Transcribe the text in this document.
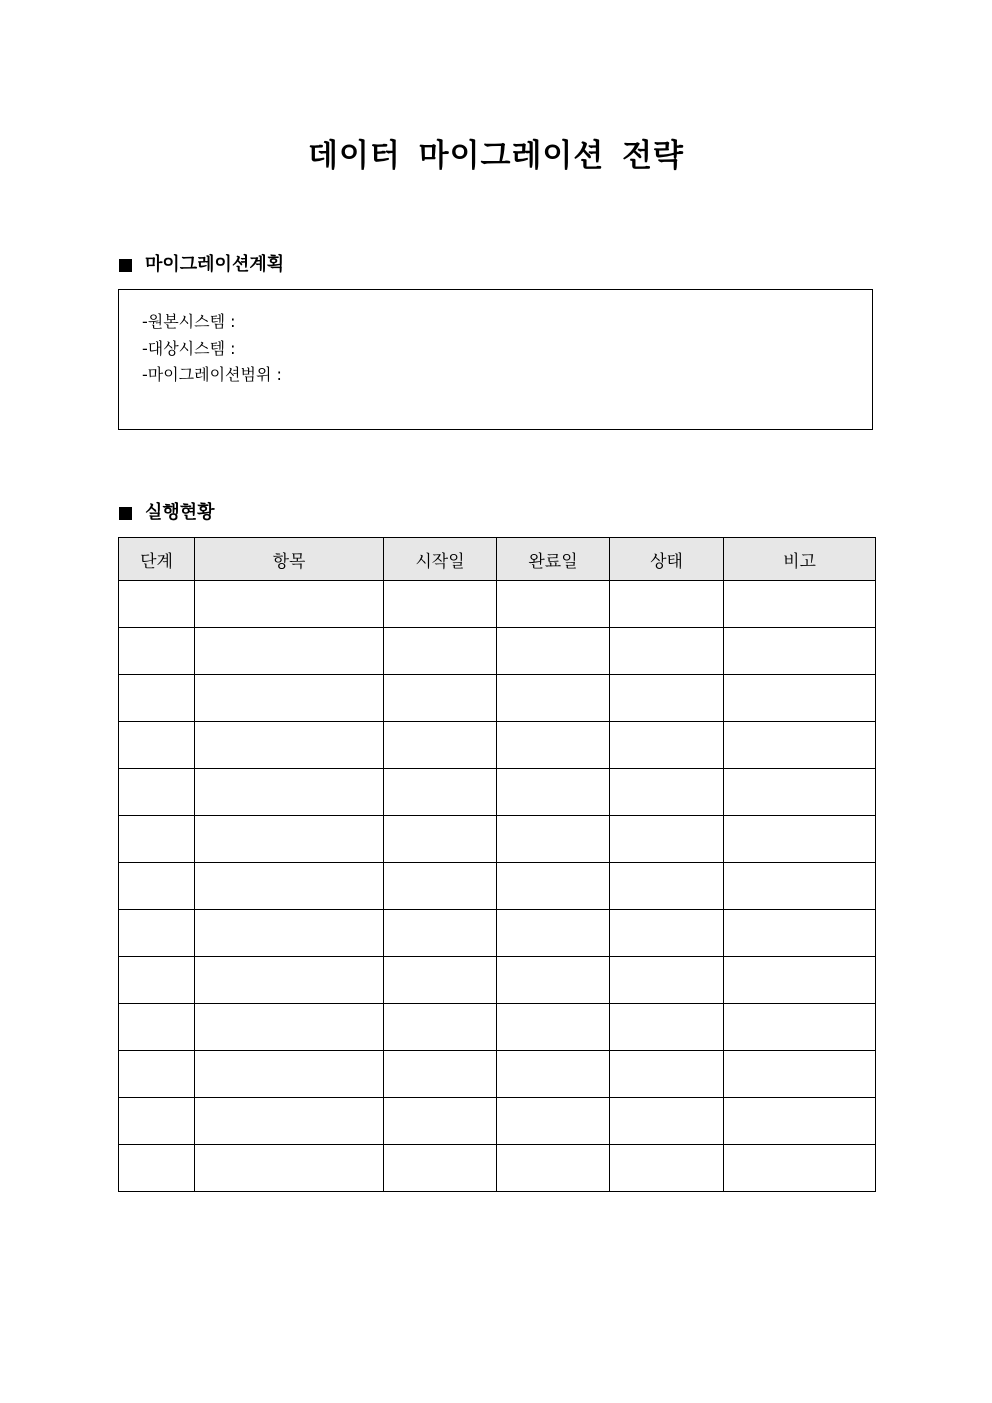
데이터 마이그레이션 전략
마이그레이션계획
-원본시스템 :
-대상시스템 :
-마이그레이션범위 :
실행현황
단계	항목	시작일	완료일	상태	비고
